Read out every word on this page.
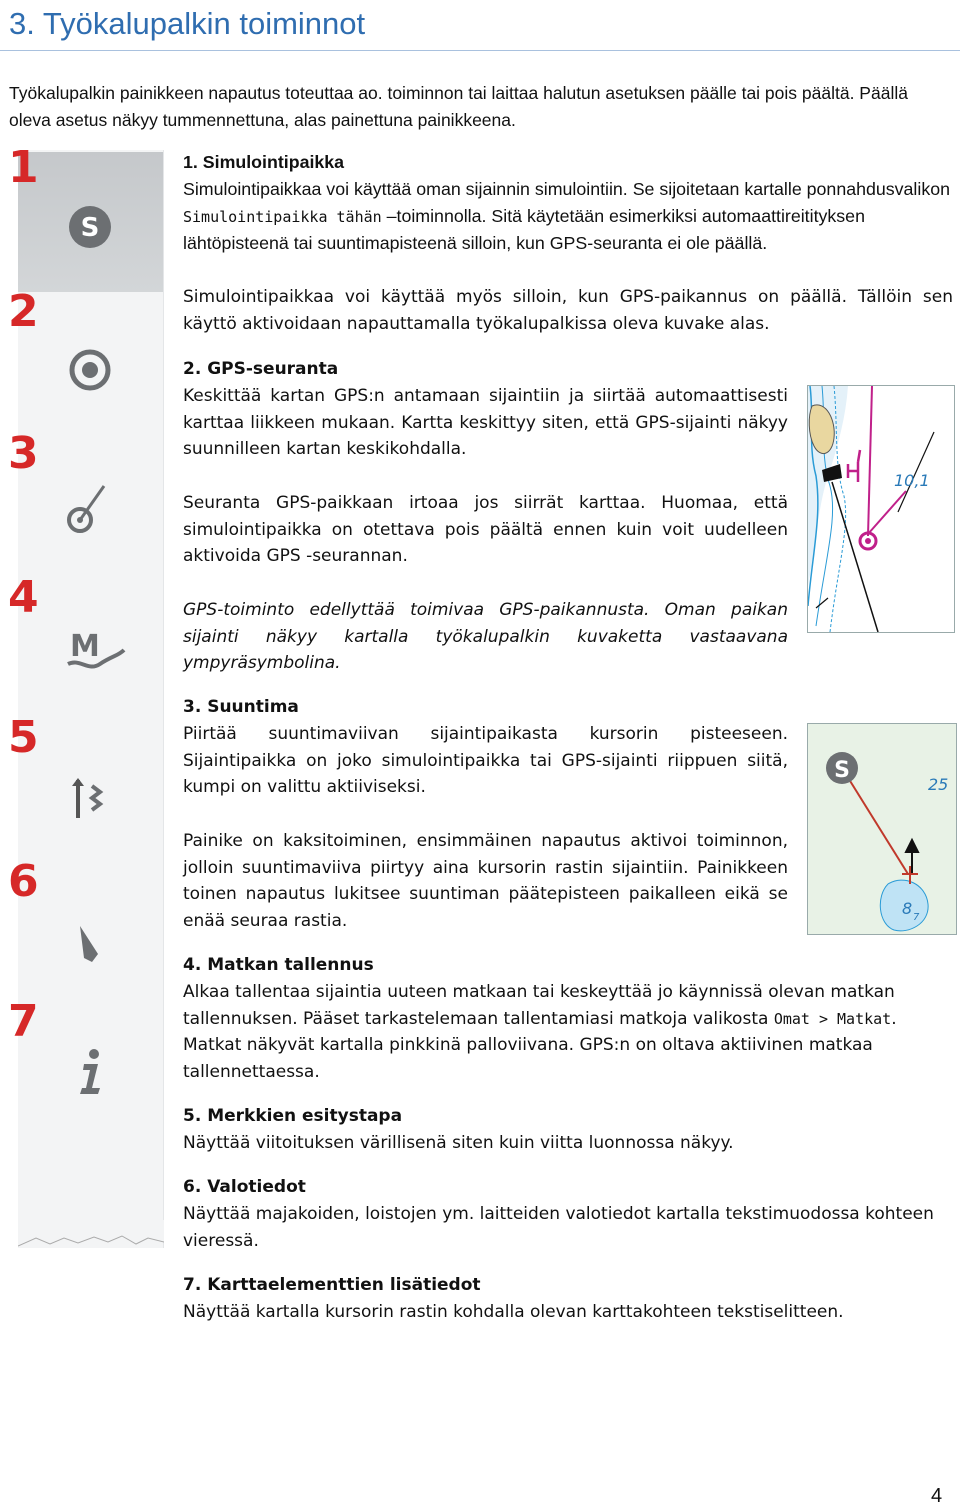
3. Työkalupalkin toiminnot
Työkalupalkin painikkeen napautus toteuttaa ao. toiminnon tai laittaa halutun asetuksen päälle tai pois päältä. Päällä oleva asetus näkyy tummennettuna, alas painettuna painikkeena.
1
2
3
4
5
6
7
S
M
1. Simulointipaikka
Simulointipaikkaa voi käyttää oman sijainnin simulointiin. Se sijoitetaan kartalle ponnahdusvalikon Simulointipaikka tähän –toiminnolla. Sitä käytetään esimerkiksi automaattireitityksen lähtöpisteenä tai suuntimapisteenä silloin, kun GPS-seuranta ei ole päällä.
Simulointipaikkaa voi käyttää myös silloin, kun GPS-paikannus on päällä. Tällöin sen käyttö aktivoidaan napauttamalla työkalupalkissa oleva kuvake alas.
2. GPS-seuranta
Keskittää kartan GPS:n antamaan sijaintiin ja siirtää automaattisesti karttaa liikkeen mukaan. Kartta keskittyy siten, että GPS-sijainti näkyy suunnilleen kartan keskikohdalla.
Seuranta GPS-paikkaan irtoaa jos siirrät karttaa. Huomaa, että simulointipaikka on otettava pois päältä ennen kuin voit uudelleen aktivoida GPS -seurannan.
GPS-toiminto edellyttää toimivaa GPS-paikannusta. Oman paikan sijainti näkyy kartalla työkalupalkin kuvaketta vastaavana ympyräsymbolina.
10,1
3. Suuntima
Piirtää suuntimaviivan sijaintipaikasta kursorin pisteeseen. Sijaintipaikka on joko simulointipaikka tai GPS-sijainti riippuen siitä, kumpi on valittu aktiiviseksi.
Painike on kaksitoiminen, ensimmäinen napautus aktivoi toiminnon, jolloin suuntimaviiva piirtyy aina kursorin rastin sijaintiin. Painikkeen toinen napautus lukitsee suuntiman päätepisteen paikalleen eikä se enää seuraa rastia.
S
25
8 7
4. Matkan tallennus
Alkaa tallentaa sijaintia uuteen matkaan tai keskeyttää jo käynnissä olevan matkan tallennuksen. Pääset tarkastelemaan tallentamiasi matkoja valikosta Omat > Matkat. Matkat näkyvät kartalla pinkkinä palloviivana. GPS:n on oltava aktiivinen matkaa tallennettaessa.
5. Merkkien esitystapa
Näyttää viitoituksen värillisenä siten kuin viitta luonnossa näkyy.
6. Valotiedot
Näyttää majakoiden, loistojen ym. laitteiden valotiedot kartalla tekstimuodossa kohteen vieressä.
7. Karttaelementtien lisätiedot
Näyttää kartalla kursorin rastin kohdalla olevan karttakohteen tekstiselitteen.
4
